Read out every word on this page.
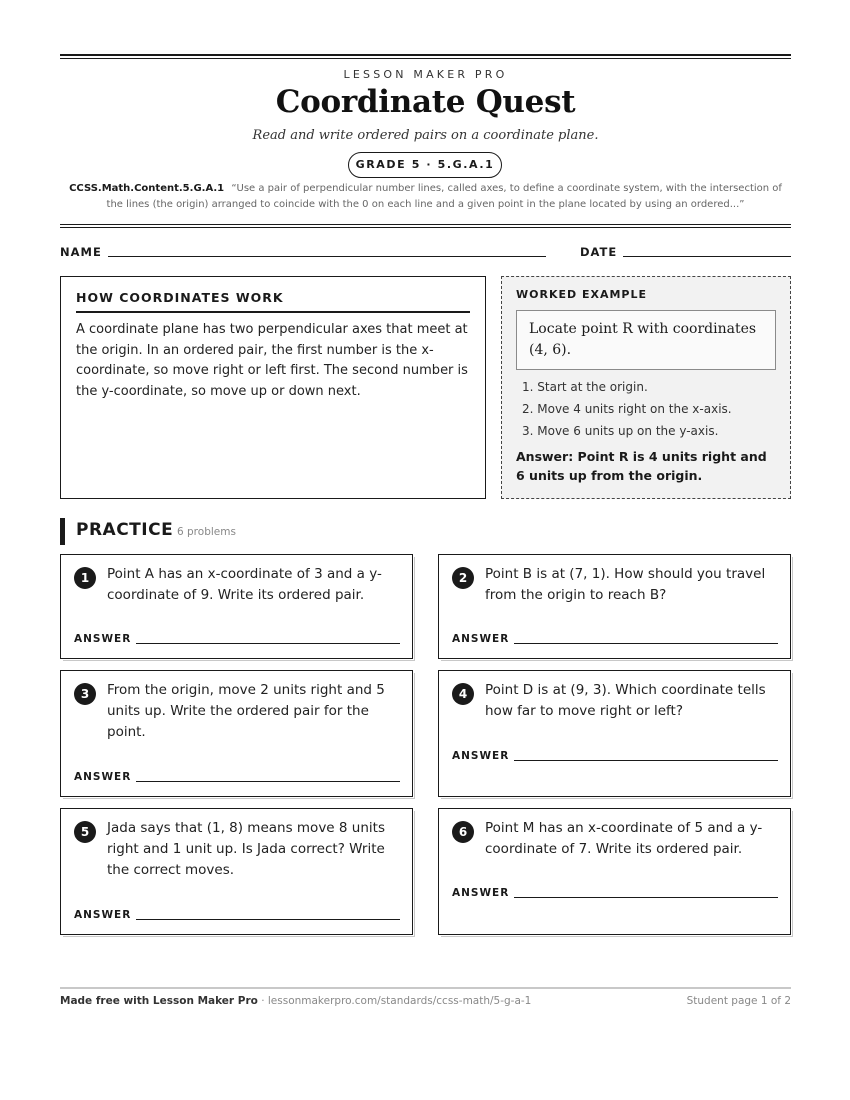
LESSON MAKER PRO
Coordinate Quest
Read and write ordered pairs on a coordinate plane.
GRADE 5 · 5.G.A.1
CCSS.Math.Content.5.G.A.1 “Use a pair of perpendicular number lines, called axes, to define a coordinate system, with the intersection of the lines (the origin) arranged to coincide with the 0 on each line and a given point in the plane located by using an ordered...”
NAME	DATE
HOW COORDINATES WORK
A coordinate plane has two perpendicular axes that meet at the origin. In an ordered pair, the first number is the x-coordinate, so move right or left first. The second number is the y-coordinate, so move up or down next.
WORKED EXAMPLE
Locate point R with coordinates (4, 6).
1. Start at the origin.
2. Move 4 units right on the x-axis.
3. Move 6 units up on the y-axis.
Answer: Point R is 4 units right and 6 units up from the origin.
PRACTICE 6 problems
1	Point A has an x-coordinate of 3 and a y-coordinate of 9. Write its ordered pair.
ANSWER
2	Point B is at (7, 1). How should you travel from the origin to reach B?
ANSWER
3	From the origin, move 2 units right and 5 units up. Write the ordered pair for the point.
ANSWER
4	Point D is at (9, 3). Which coordinate tells how far to move right or left?
ANSWER
5	Jada says that (1, 8) means move 8 units right and 1 unit up. Is Jada correct? Write the correct moves.
ANSWER
6	Point M has an x-coordinate of 5 and a y-coordinate of 7. Write its ordered pair.
ANSWER
Made free with Lesson Maker Pro · lessonmakerpro.com/standards/ccss-math/5-g-a-1	Student page 1 of 2
